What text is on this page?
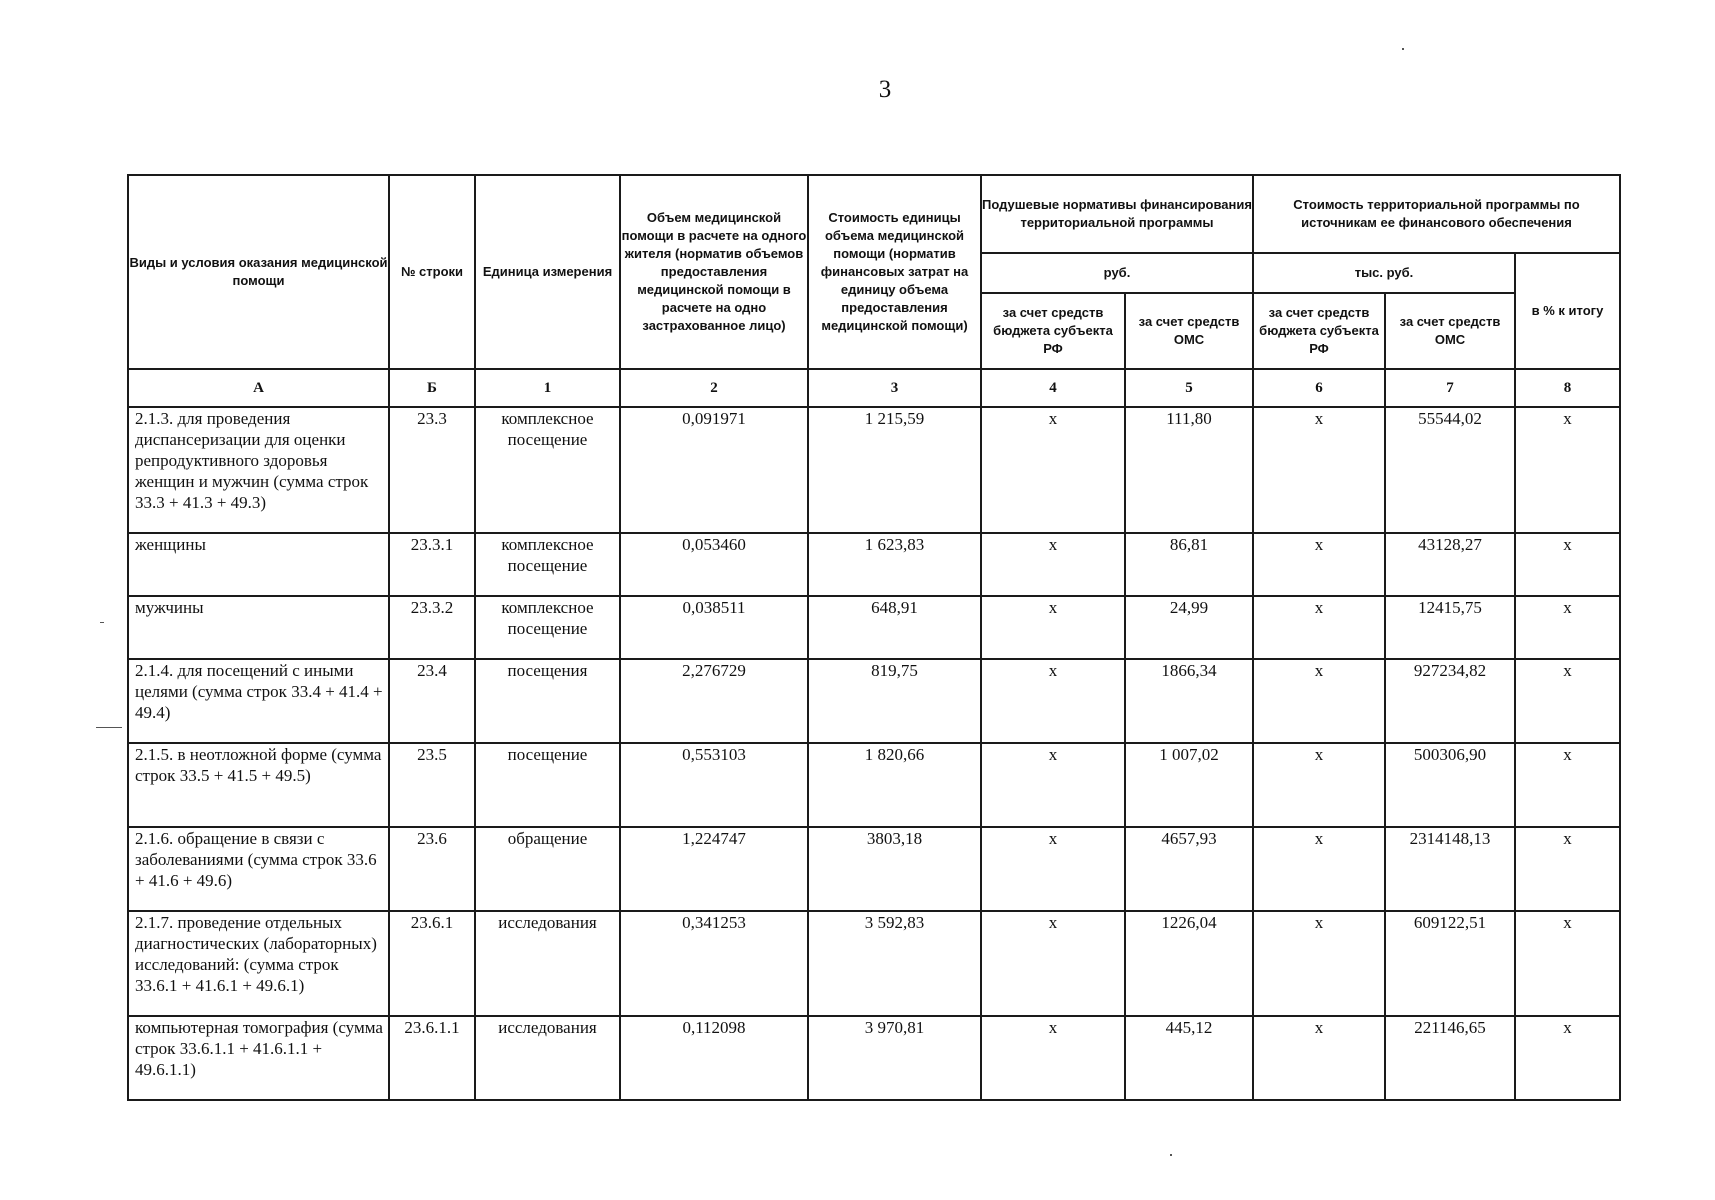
3
Виды и условия оказания медицинской помощи	№ строки	Единица измерения	Объем медицинской помощи в расчете на одного жителя (норматив объемов предоставления медицинской помощи в расчете на одно застрахованное лицо)	Стоимость единицы объема медицинской помощи (норматив финансовых затрат на единицу объема предоставления медицинской помощи)	Подушевые нормативы финансирования территориальной программы		Стоимость территориальной программы по источникам ее финансового обеспечения		
					руб.		тыс. руб.		в % к итогу
					за счет средств бюджета субъекта РФ	за счет средств ОМС	за счет средств бюджета субъекта РФ	за счет средств ОМС	
А	Б	1	2	3	4	5	6	7	8
2.1.3. для проведения диспансеризации для оценки репродуктивного здоровья женщин и мужчин (сумма строк 33.3 + 41.3 + 49.3)	23.3	комплексное посещение	0,091971	1 215,59	х	111,80	х	55544,02	х
женщины	23.3.1	комплексное посещение	0,053460	1 623,83	х	86,81	х	43128,27	х
мужчины	23.3.2	комплексное посещение	0,038511	648,91	х	24,99	х	12415,75	х
2.1.4. для посещений с иными целями (сумма строк 33.4 + 41.4 + 49.4)	23.4	посещения	2,276729	819,75	х	1866,34	х	927234,82	х
2.1.5. в неотложной форме (сумма строк 33.5 + 41.5 + 49.5)	23.5	посещение	0,553103	1 820,66	х	1 007,02	х	500306,90	х
2.1.6. обращение в связи с заболеваниями (сумма строк 33.6 + 41.6 + 49.6)	23.6	обращение	1,224747	3803,18	х	4657,93	х	2314148,13	х
2.1.7. проведение отдельных диагностических (лабораторных) исследований: (сумма строк 33.6.1 + 41.6.1 + 49.6.1)	23.6.1	исследования	0,341253	3 592,83	х	1226,04	х	609122,51	х
компьютерная томография (сумма строк 33.6.1.1 + 41.6.1.1 + 49.6.1.1)	23.6.1.1	исследования	0,112098	3 970,81	х	445,12	х	221146,65	х
